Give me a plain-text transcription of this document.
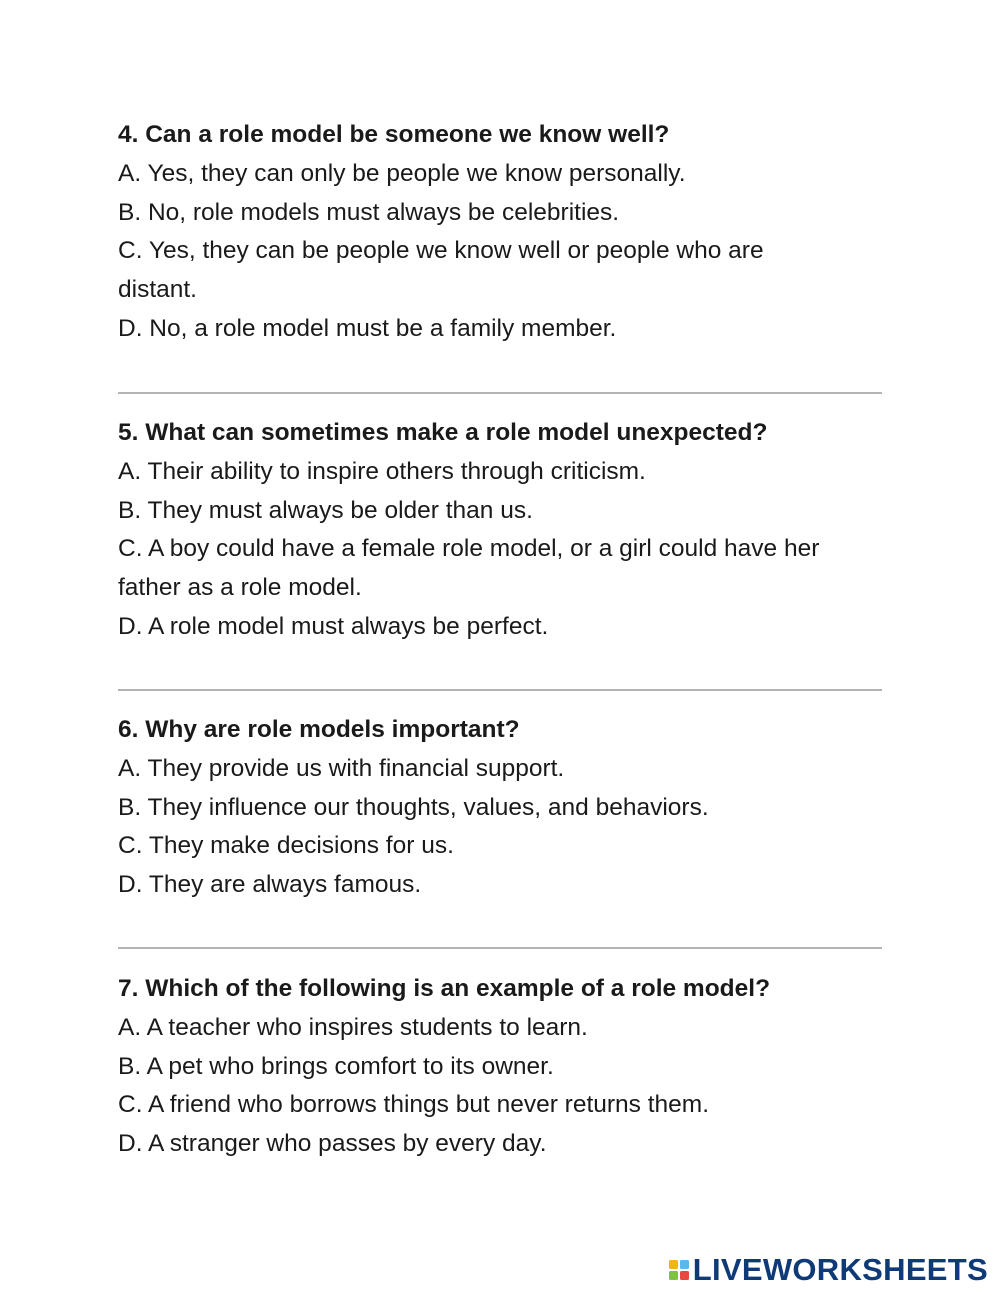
4. Can a role model be someone we know well?
A. Yes, they can only be people we know personally.
B. No, role models must always be celebrities.
C. Yes, they can be people we know well or people who are distant.
D. No, a role model must be a family member.
5. What can sometimes make a role model unexpected?
A. Their ability to inspire others through criticism.
B. They must always be older than us.
C. A boy could have a female role model, or a girl could have her father as a role model.
D. A role model must always be perfect.
6. Why are role models important?
A. They provide us with financial support.
B. They influence our thoughts, values, and behaviors.
C. They make decisions for us.
D. They are always famous.
7. Which of the following is an example of a role model?
A. A teacher who inspires students to learn.
B. A pet who brings comfort to its owner.
C. A friend who borrows things but never returns them.
D. A stranger who passes by every day.
LIVEWORKSHEETS
